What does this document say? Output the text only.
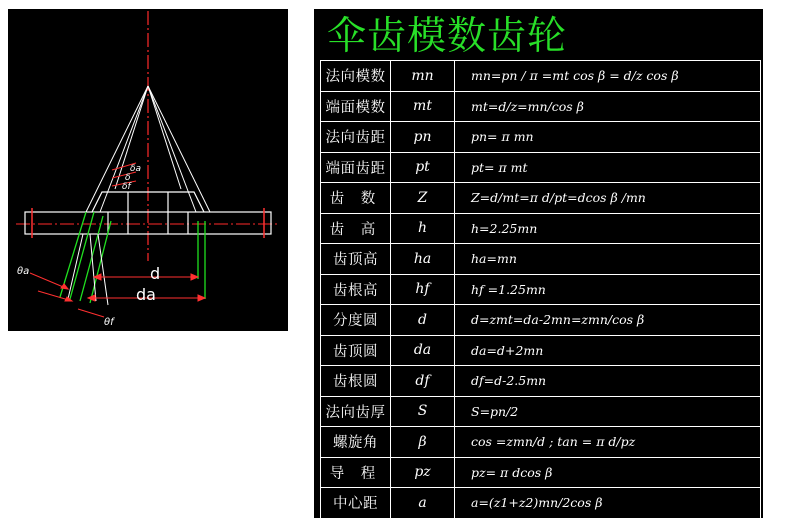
δa
δ
δf
d
da
θa
θf
伞齿模数齿轮
法向模数	mn	mn=pn / π =mt cos β = d/z cos β
端面模数	mt	mt=d/z=mn/cos β
法向齿距	pn	pn= π mn
端面齿距	pt	pt= π mt
齿 数	Z	Z=d/mt=π d/pt=dcos β /mn
齿 高	h	h=2.25mn
齿顶高	ha	ha=mn
齿根高	hf	hf =1.25mn
分度圆	d	d=zmt=da-2mn=zmn/cos β
齿顶圆	da	da=d+2mn
齿根圆	df	df=d-2.5mn
法向齿厚	S	S=pn/2
螺旋角	β	cos =zmn/d ; tan = π d/pz
导 程	pz	pz= π dcos β
中心距	a	a=(z1+z2)mn/2cos β
